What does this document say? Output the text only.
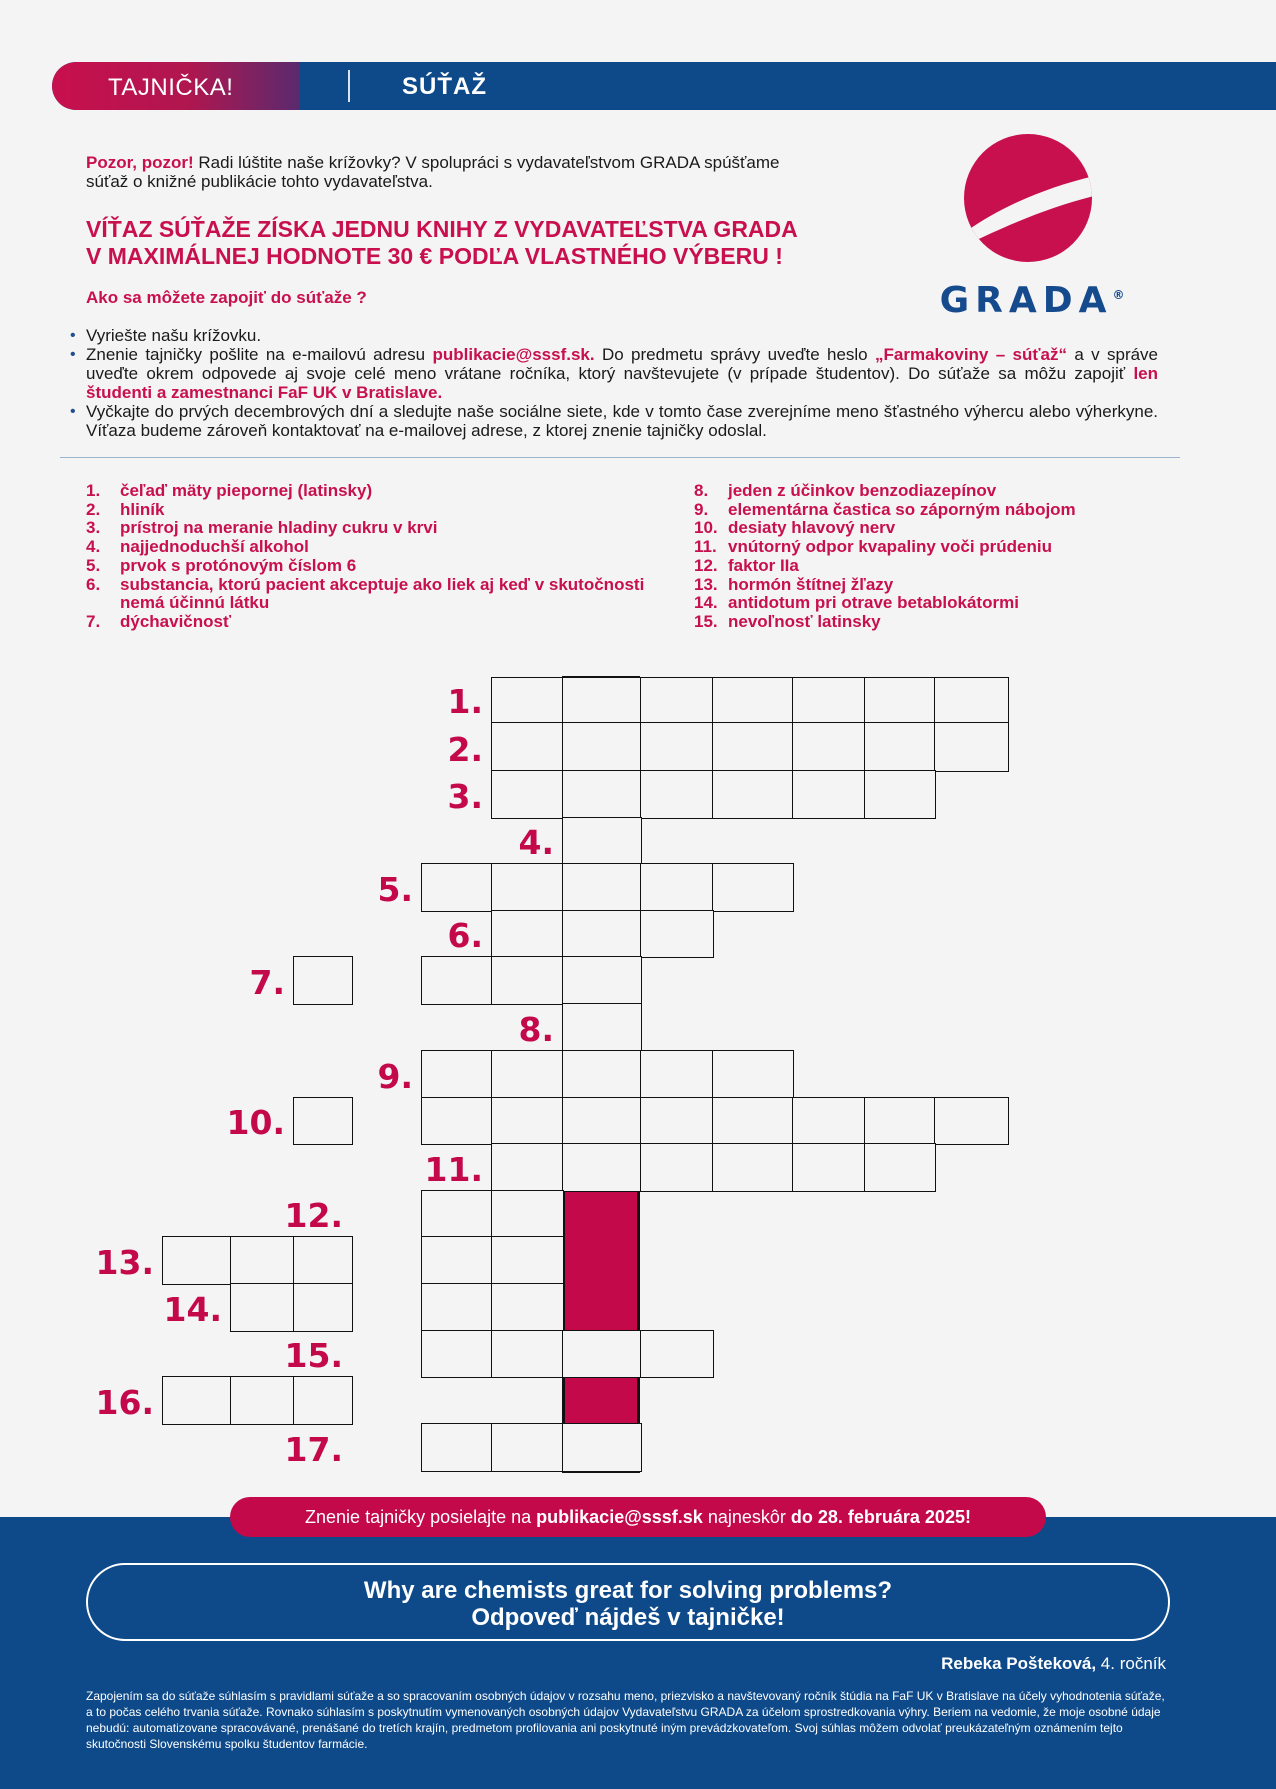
TAJNIČKA!	SÚŤAŽ

Pozor, pozor! Radi lúštite naše krížovky? V spolupráci s vydavateľstvom GRADA spúšťame súťaž o knižné publikácie tohto vydavateľstva.

VÍŤAZ SÚŤAŽE ZÍSKA JEDNU KNIHY Z VYDAVATEĽSTVA GRADA
V MAXIMÁLNEJ HODNOTE 30 € PODĽA VLASTNÉHO VÝBERU !
Ako sa môžete zapojiť do súťaže ?	GRADA®
• Vyriešte našu krížovku.
• Znenie tajničky pošlite na e-mailovú adresu publikacie@sssf.sk. Do predmetu správy uveďte heslo „Farmakoviny – súťaž“ a v správe uveďte okrem odpovede aj svoje celé meno vrátane ročníka, ktorý navštevujete (v prípade študentov). Do súťaže sa môžu zapojiť len študenti a zamestnanci FaF UK v Bratislave.
• Vyčkajte do prvých decembrových dní a sledujte naše sociálne siete, kde v tomto čase zverejníme meno šťastného výhercu alebo výherkyne. Víťaza budeme zároveň kontaktovať na e-mailovej adrese, z ktorej znenie tajničky odoslal.
1.	čeľaď mäty piepornej (latinsky)
2.	hliník
3.	prístroj na meranie hladiny cukru v krvi
4.	najjednoduchší alkohol
5.	prvok s protónovým číslom 6
6.	substancia, ktorú pacient akceptuje ako liek aj keď v skutočnosti nemá účinnú látku
7.	dýchavičnosť
8.	jeden z účinkov benzodiazepínov
9.	elementárna častica so záporným nábojom
10. desiaty hlavový nerv
11. vnútorný odpor kvapaliny voči prúdeniu
12. faktor IIa
13. hormón štítnej žľazy
14. antidotum pri otrave betablokátormi
15. nevoľnosť latinsky
1.
2.
3.
4.
5.
6.
7.
8.
9.
10.
11.
12.
13.
14.
15.
16.
17.
Znenie tajničky posielajte na publikacie@sssf.sk najneskôr do 28. februára 2025!
Why are chemists great for solving problems?
Odpoveď nájdeš v tajničke!
Rebeka Pošteková, 4. ročník

Zapojením sa do súťaže súhlasím s pravidlami súťaže a so spracovaním osobných údajov v rozsahu meno, priezvisko a navštevovaný ročník štúdia na FaF UK v Bratislave na účely vyhodnotenia súťaže, a to počas celého trvania súťaže. Rovnako súhlasím s poskytnutím vymenovaných osobných údajov Vydavateľstvu GRADA za účelom sprostredkovania výhry. Beriem na vedomie, že moje osobné údaje nebudú: automatizovane spracovávané, prenášané do tretích krajín, predmetom profilovania ani poskytnuté iným prevádzkovateľom. Svoj súhlas môžem odvolať preukázateľným oznámením tejto skutočnosti Slovenskému spolku študentov farmácie.
